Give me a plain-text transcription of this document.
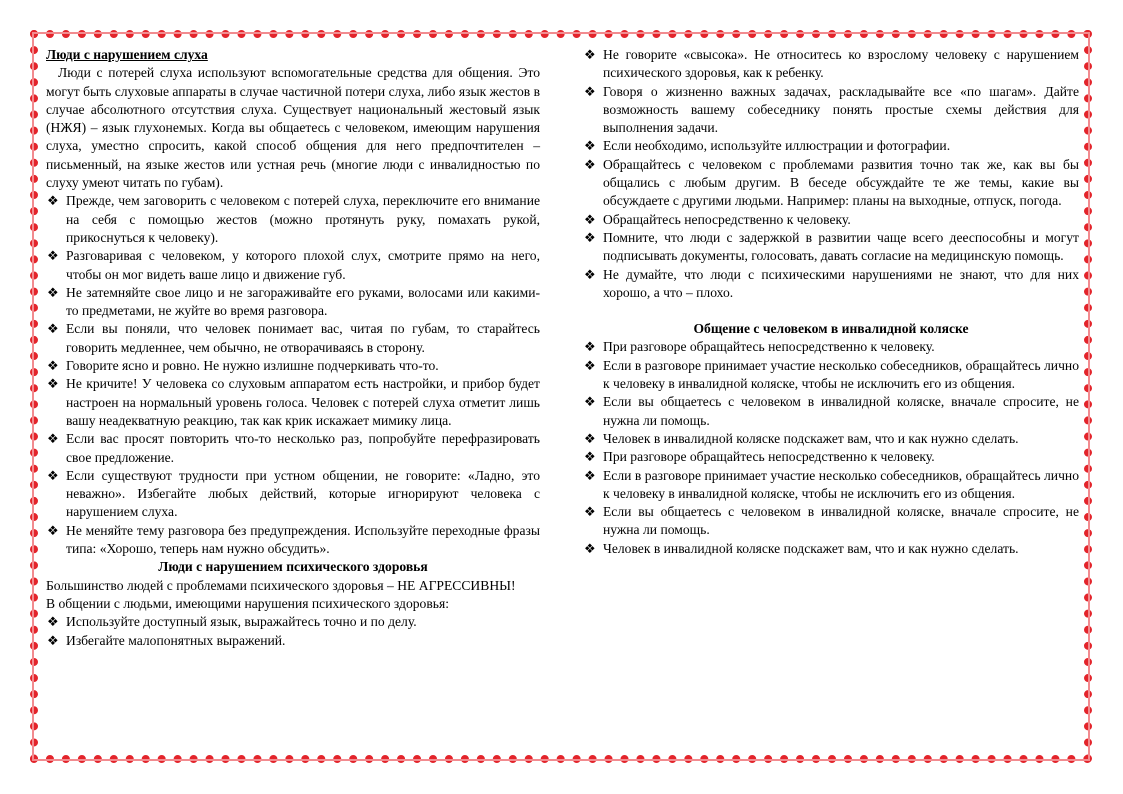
Люди с нарушением слуха

Люди с потерей слуха используют вспомогательные средства для общения. Это могут быть слуховые аппараты в случае частичной потери слуха, либо язык жестов в случае абсолютного отсутствия слуха. Существует национальный жестовый язык (НЖЯ) – язык глухонемых. Когда вы общаетесь с человеком, имеющим нарушения слуха, уместно спросить, какой способ общения для него предпочтителен – письменный, на языке жестов или устная речь (многие люди с инвалидностью по слуху умеют читать по губам).

❖ Прежде, чем заговорить с человеком с потерей слуха, переключите его внимание на себя с помощью жестов (можно протянуть руку, помахать рукой, прикоснуться к человеку).
❖ Разговаривая с человеком, у которого плохой слух, смотрите прямо на него, чтобы он мог видеть ваше лицо и движение губ.
❖ Не затемняйте свое лицо и не загораживайте его руками, волосами или какими-то предметами, не жуйте во время разговора.
❖ Если вы поняли, что человек понимает вас, читая по губам, то старайтесь говорить медленнее, чем обычно, не отворачиваясь в сторону.
❖ Говорите ясно и ровно. Не нужно излишне подчеркивать что-то.
❖ Не кричите! У человека со слуховым аппаратом есть настройки, и прибор будет настроен на нормальный уровень голоса. Человек с потерей слуха отметит лишь вашу неадекватную реакцию, так как крик искажает мимику лица.
❖ Если вас просят повторить что-то несколько раз, попробуйте перефразировать свое предложение.
❖ Если существуют трудности при устном общении, не говорите: «Ладно, это неважно». Избегайте любых действий, которые игнорируют человека с нарушением слуха.
❖ Не меняйте тему разговора без предупреждения. Используйте переходные фразы типа: «Хорошо, теперь нам нужно обсудить».
Люди с нарушением психического здоровья

Большинство людей с проблемами психического здоровья – НЕ АГРЕССИВНЫ!

В общении с людьми, имеющими нарушения психического здоровья:

❖ Используйте доступный язык, выражайтесь точно и по делу.
❖ Избегайте малопонятных выражений.
❖ Не говорите «свысока». Не относитесь ко взрослому человеку с нарушением психического здоровья, как к ребенку.
❖ Говоря о жизненно важных задачах, раскладывайте все «по шагам». Дайте возможность вашему собеседнику понять простые схемы действия для выполнения задачи.
❖ Если необходимо, используйте иллюстрации и фотографии.
❖ Обращайтесь с человеком с проблемами развития точно так же, как вы бы общались с любым другим. В беседе обсуждайте те же темы, какие вы обсуждаете с другими людьми. Например: планы на выходные, отпуск, погода.
❖ Обращайтесь непосредственно к человеку.
❖ Помните, что люди с задержкой в развитии чаще всего дееспособны и могут подписывать документы, голосовать, давать согласие на медицинскую помощь.
❖ Не думайте, что люди с психическими нарушениями не знают, что для них хорошо, а что – плохо.
Общение с человеком в инвалидной коляске
❖ При разговоре обращайтесь непосредственно к человеку.
❖ Если в разговоре принимает участие несколько собеседников, обращайтесь лично к человеку в инвалидной коляске, чтобы не исключить его из общения.
❖ Если вы общаетесь с человеком в инвалидной коляске, вначале спросите, не нужна ли помощь.
❖ Человек в инвалидной коляске подскажет вам, что и как нужно сделать.
❖ При разговоре обращайтесь непосредственно к человеку.
❖ Если в разговоре принимает участие несколько собеседников, обращайтесь лично к человеку в инвалидной коляске, чтобы не исключить его из общения.
❖ Если вы общаетесь с человеком в инвалидной коляске, вначале спросите, не нужна ли помощь.
❖ Человек в инвалидной коляске подскажет вам, что и как нужно сделать.
